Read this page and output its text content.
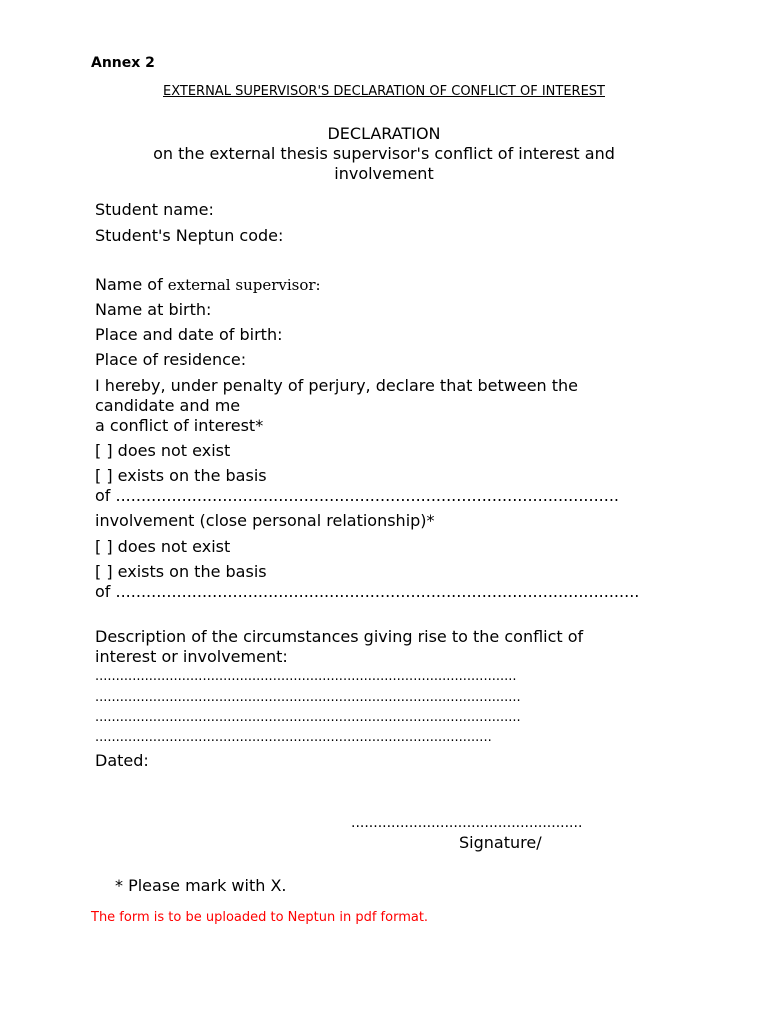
Annex 2
EXTERNAL SUPERVISOR'S DECLARATION OF CONFLICT OF INTEREST
DECLARATION
on the external thesis supervisor's conflict of interest and
involvement
Student name:
Student's Neptun code:
Name of external supervisor:
Name at birth:
Place and date of birth:
Place of residence:
I hereby, under penalty of perjury, declare that between the
candidate and me
a conflict of interest*
[ ] does not exist
[ ] exists on the basis
of ...................................................................................................
involvement (close personal relationship)*
[ ] does not exist
[ ] exists on the basis
of .......................................................................................................
Description of the circumstances giving rise to the conflict of
interest or involvement:
......................................................................................................
.......................................................................................................
.......................................................................................................
................................................................................................
Dated:
....................................................
Signature/
* Please mark with X.
The form is to be uploaded to Neptun in pdf format.
